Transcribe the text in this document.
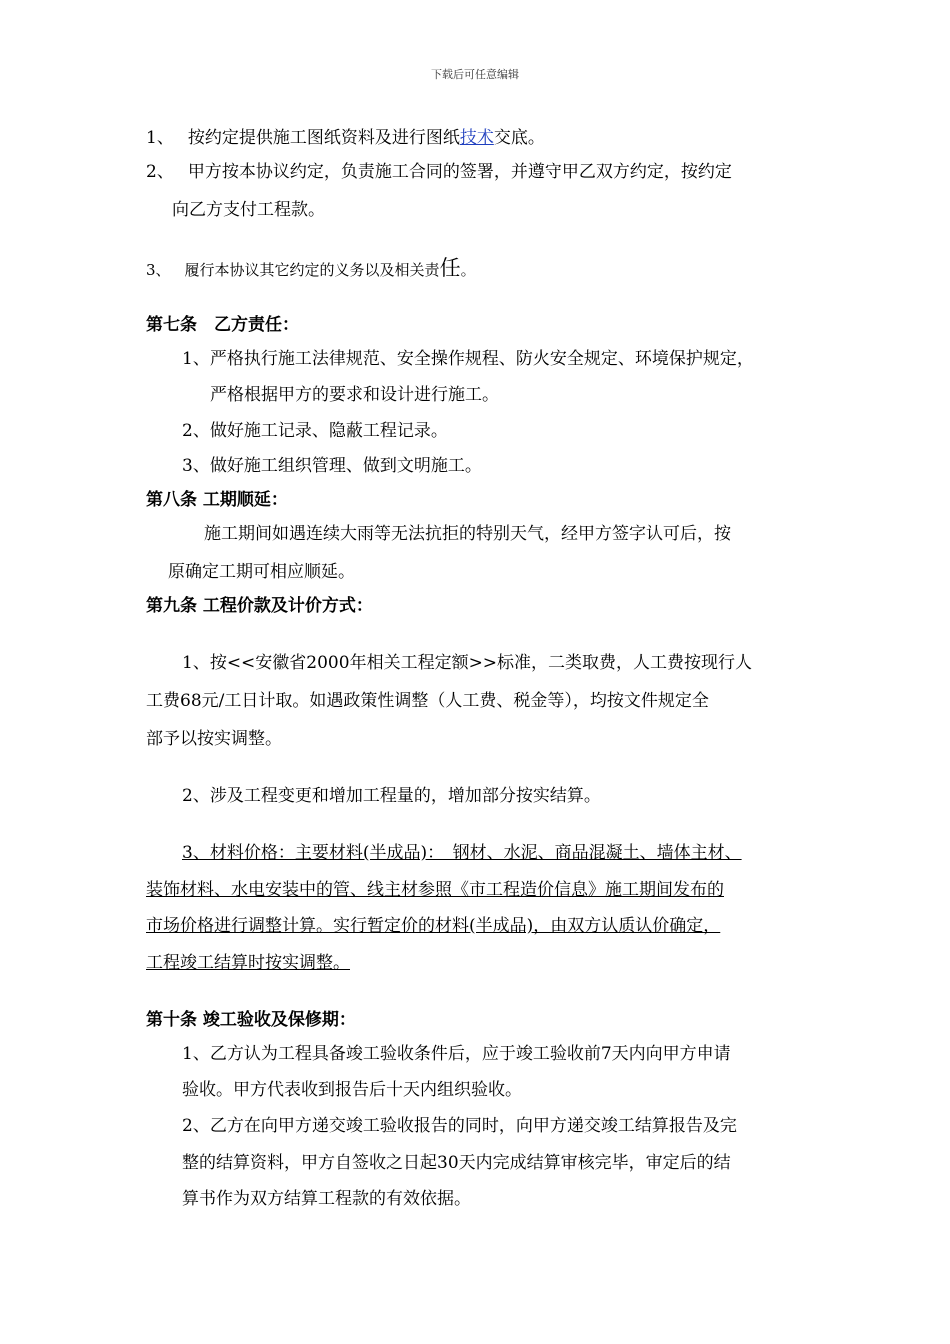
下载后可任意编辑
1、 按约定提供施工图纸资料及进行图纸技术交底。
2、 甲方按本协议约定，负责施工合同的签署，并遵守甲乙双方约定，按约定
向乙方支付工程款。
3、 履行本协议其它约定的义务以及相关责任。
第七条　乙方责任：
1、严格执行施工法律规范、安全操作规程、防火安全规定、环境保护规定，
严格根据甲方的要求和设计进行施工。
2、做好施工记录、隐蔽工程记录。
3、做好施工组织管理、做到文明施工。
第八条 工期顺延：
施工期间如遇连续大雨等无法抗拒的特别天气，经甲方签字认可后，按
原确定工期可相应顺延。
第九条 工程价款及计价方式：
1、按<<安徽省2000年相关工程定额>>标准，二类取费，人工费按现行人
工费68元/工日计取。如遇政策性调整（人工费、税金等），均按文件规定全
部予以按实调整。
2、涉及工程变更和增加工程量的，增加部分按实结算。
3、材料价格：主要材料(半成品)：　钢材、水泥、商品混凝土、墙体主材、
装饰材料、水电安装中的管、线主材参照《市工程造价信息》施工期间发布的
市场价格进行调整计算。实行暂定价的材料(半成品)，由双方认质认价确定，
工程竣工结算时按实调整。
第十条 竣工验收及保修期：
1、乙方认为工程具备竣工验收条件后，应于竣工验收前7天内向甲方申请
验收。甲方代表收到报告后十天内组织验收。
2、乙方在向甲方递交竣工验收报告的同时，向甲方递交竣工结算报告及完
整的结算资料，甲方自签收之日起30天内完成结算审核完毕，审定后的结
算书作为双方结算工程款的有效依据。
